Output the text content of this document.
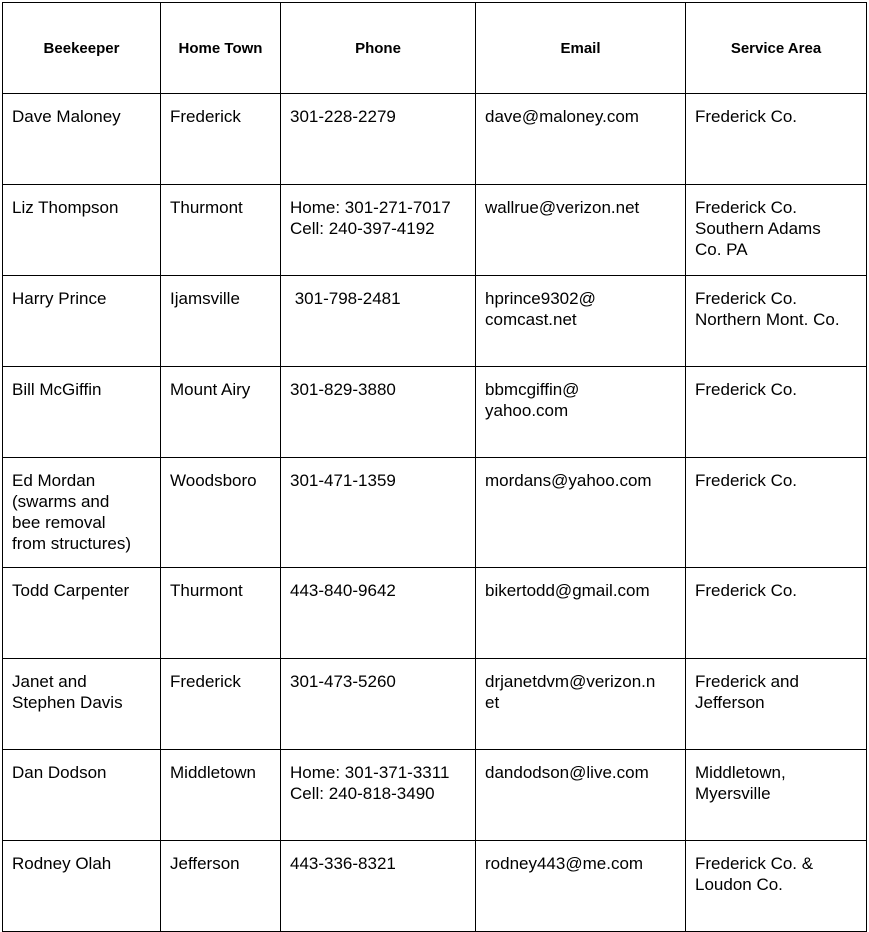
Beekeeper	Home Town	Phone	Email	Service Area

Dave Maloney	Frederick	301-228-2279	dave@maloney.com	Frederick Co.

Liz Thompson	Thurmont	Home: 301-271-7017
Cell: 240-397-4192	wallrue@verizon.net	Frederick Co.
Southern Adams
Co. PA

Harry Prince	Ijamsville	301-798-2481	hprince9302@
comcast.net	Frederick Co.
Northern Mont. Co.

Bill McGiffin	Mount Airy	301-829-3880	bbmcgiffin@
yahoo.com	Frederick Co.

Ed Mordan
(swarms and
bee removal
from structures)	Woodsboro	301-471-1359	mordans@yahoo.com	Frederick Co.

Todd Carpenter	Thurmont	443-840-9642	bikertodd@gmail.com	Frederick Co.

Janet and
Stephen Davis	Frederick	301-473-5260	drjanetdvm@verizon.n
et	Frederick and
Jefferson

Dan Dodson	Middletown	Home: 301-371-3311
Cell: 240-818-3490	dandodson@live.com	Middletown,
Myersville

Rodney Olah	Jefferson	443-336-8321	rodney443@me.com	Frederick Co. &
Loudon Co.
